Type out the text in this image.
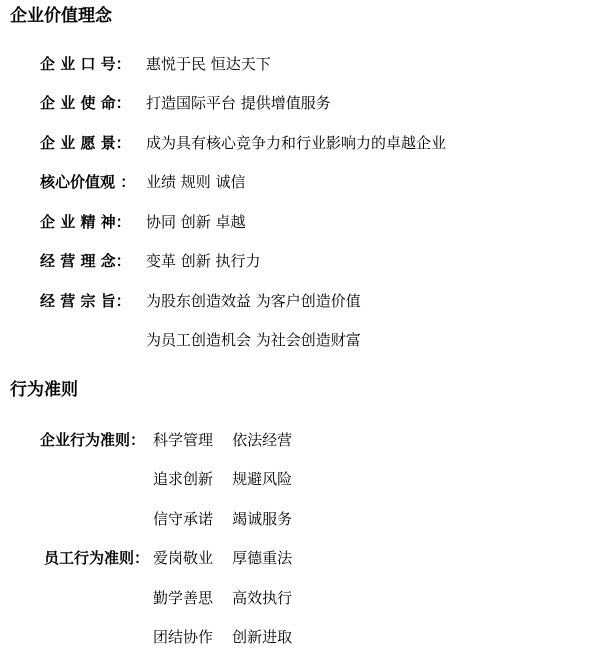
企业价值理念
企 业 口 号： 惠悦于民 恒达天下
企 业 使 命： 打造国际平台 提供增值服务
企 业 愿 景： 成为具有核心竞争力和行业影响力的卓越企业
核心价值观 ： 业绩 规则 诚信
企 业 精 神： 协同 创新 卓越
经 营 理 念： 变革 创新 执行力
经 营 宗 旨： 为股东创造效益 为客户创造价值
为员工创造机会 为社会创造财富
行为准则
企业行为准则： 科学管理    依法经营
追求创新    规避风险
信守承诺    竭诚服务
员工行为准则： 爱岗敬业    厚德重法
勤学善思    高效执行
团结协作    创新进取
